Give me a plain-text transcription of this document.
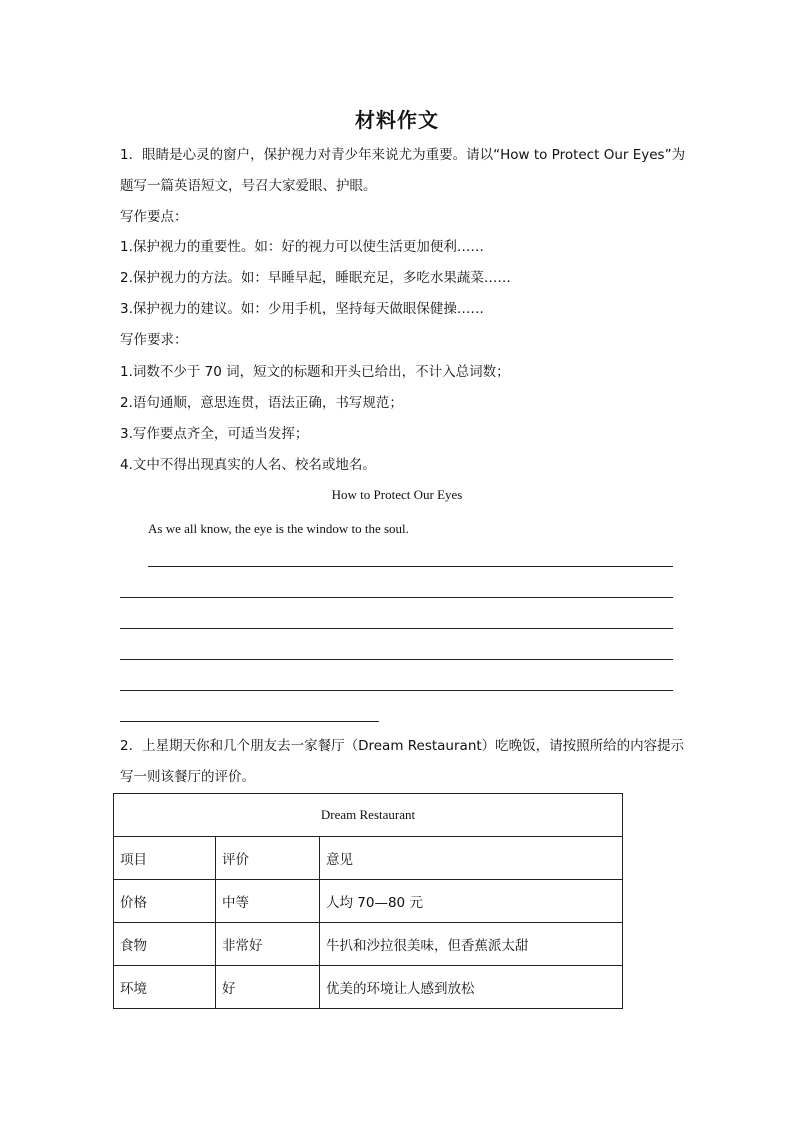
材料作文
1．眼睛是心灵的窗户，保护视力对青少年来说尤为重要。请以“How to Protect Our Eyes”为
题写一篇英语短文，号召大家爱眼、护眼。
写作要点：
1.保护视力的重要性。如：好的视力可以使生活更加便利……
2.保护视力的方法。如：早睡早起，睡眠充足，多吃水果蔬菜……
3.保护视力的建议。如：少用手机，坚持每天做眼保健操……
写作要求：
1.词数不少于 70 词，短文的标题和开头已给出，不计入总词数；
2.语句通顺，意思连贯，语法正确，书写规范；
3.写作要点齐全，可适当发挥；
4.文中不得出现真实的人名、校名或地名。
How to Protect Our Eyes
As we all know, the eye is the window to the soul.
2．上星期天你和几个朋友去一家餐厅（Dream Restaurant）吃晚饭，请按照所给的内容提示
写一则该餐厅的评价。
Dream Restaurant		
项目	评价	意见
价格	中等	人均 70—80 元
食物	非常好	牛扒和沙拉很美味，但香蕉派太甜
环境	好	优美的环境让人感到放松
